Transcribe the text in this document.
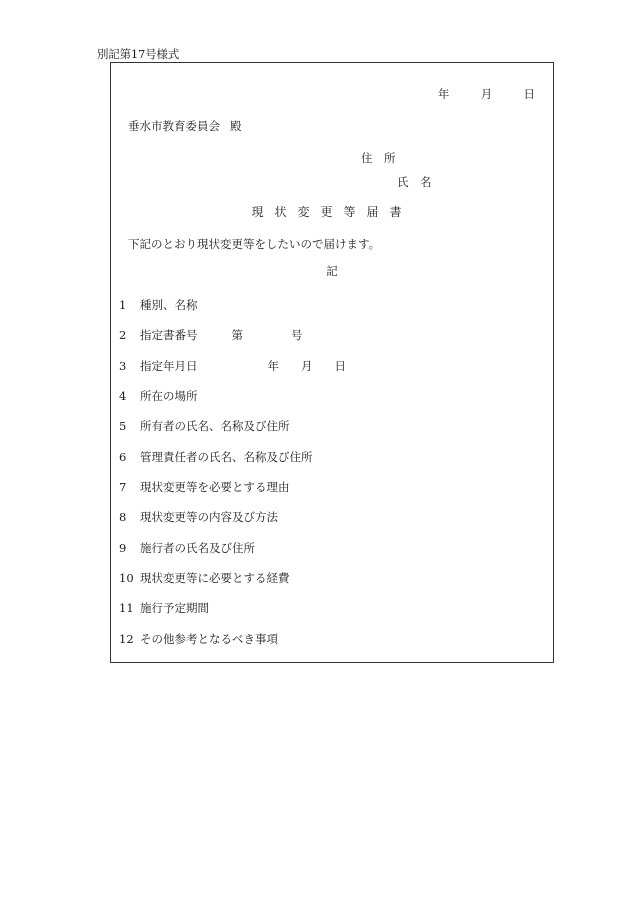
別記第17号様式
年	月	日
垂水市教育委員会 殿
住　所
氏　名
現状変更等届書
下記のとおり現状変更等をしたいので届けます。
記
1 種別、名称
2 指定書番号	第	号
3 指定年月日	年 月 日
4 所在の場所
5 所有者の氏名、名称及び住所
6 管理責任者の氏名、名称及び住所
7 現状変更等を必要とする理由
8 現状変更等の内容及び方法
9 施行者の氏名及び住所
10 現状変更等に必要とする経費
11 施行予定期間
12 その他参考となるべき事項
